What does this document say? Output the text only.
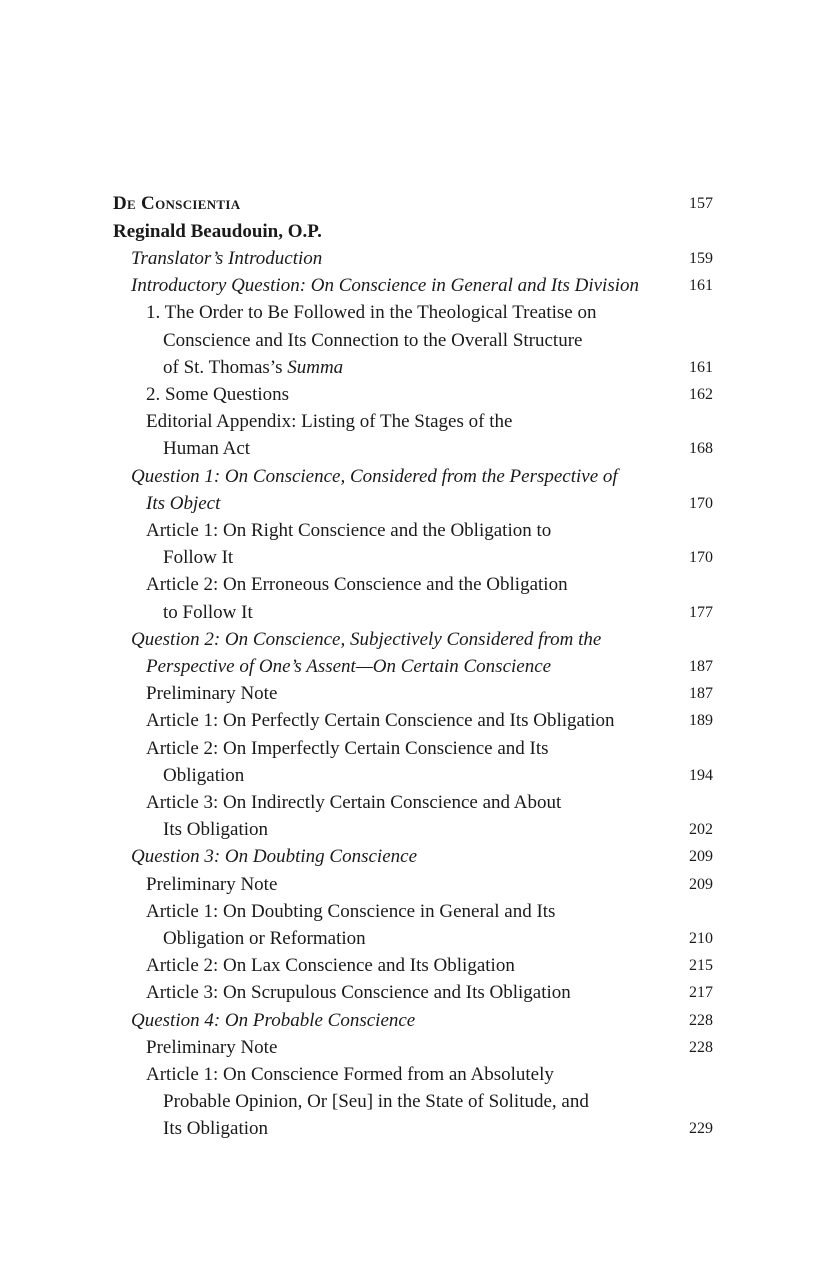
De Conscientia	157
Reginald Beaudouin, O.P.
Translator’s Introduction	159
Introductory Question: On Conscience in General and Its Division	161
1. The Order to Be Followed in the Theological Treatise on
Conscience and Its Connection to the Overall Structure
of St. Thomas’s Summa	161
2. Some Questions	162
Editorial Appendix: Listing of The Stages of the
Human Act	168
Question 1: On Conscience, Considered from the Perspective of
Its Object	170
Article 1: On Right Conscience and the Obligation to
Follow It	170
Article 2: On Erroneous Conscience and the Obligation
to Follow It	177
Question 2: On Conscience, Subjectively Considered from the
Perspective of One’s Assent—On Certain Conscience	187
Preliminary Note	187
Article 1: On Perfectly Certain Conscience and Its Obligation	189
Article 2: On Imperfectly Certain Conscience and Its
Obligation	194
Article 3: On Indirectly Certain Conscience and About
Its Obligation	202
Question 3: On Doubting Conscience	209
Preliminary Note	209
Article 1: On Doubting Conscience in General and Its
Obligation or Reformation	210
Article 2: On Lax Conscience and Its Obligation	215
Article 3: On Scrupulous Conscience and Its Obligation	217
Question 4: On Probable Conscience	228
Preliminary Note	228
Article 1: On Conscience Formed from an Absolutely
Probable Opinion, Or [Seu] in the State of Solitude, and
Its Obligation	229
